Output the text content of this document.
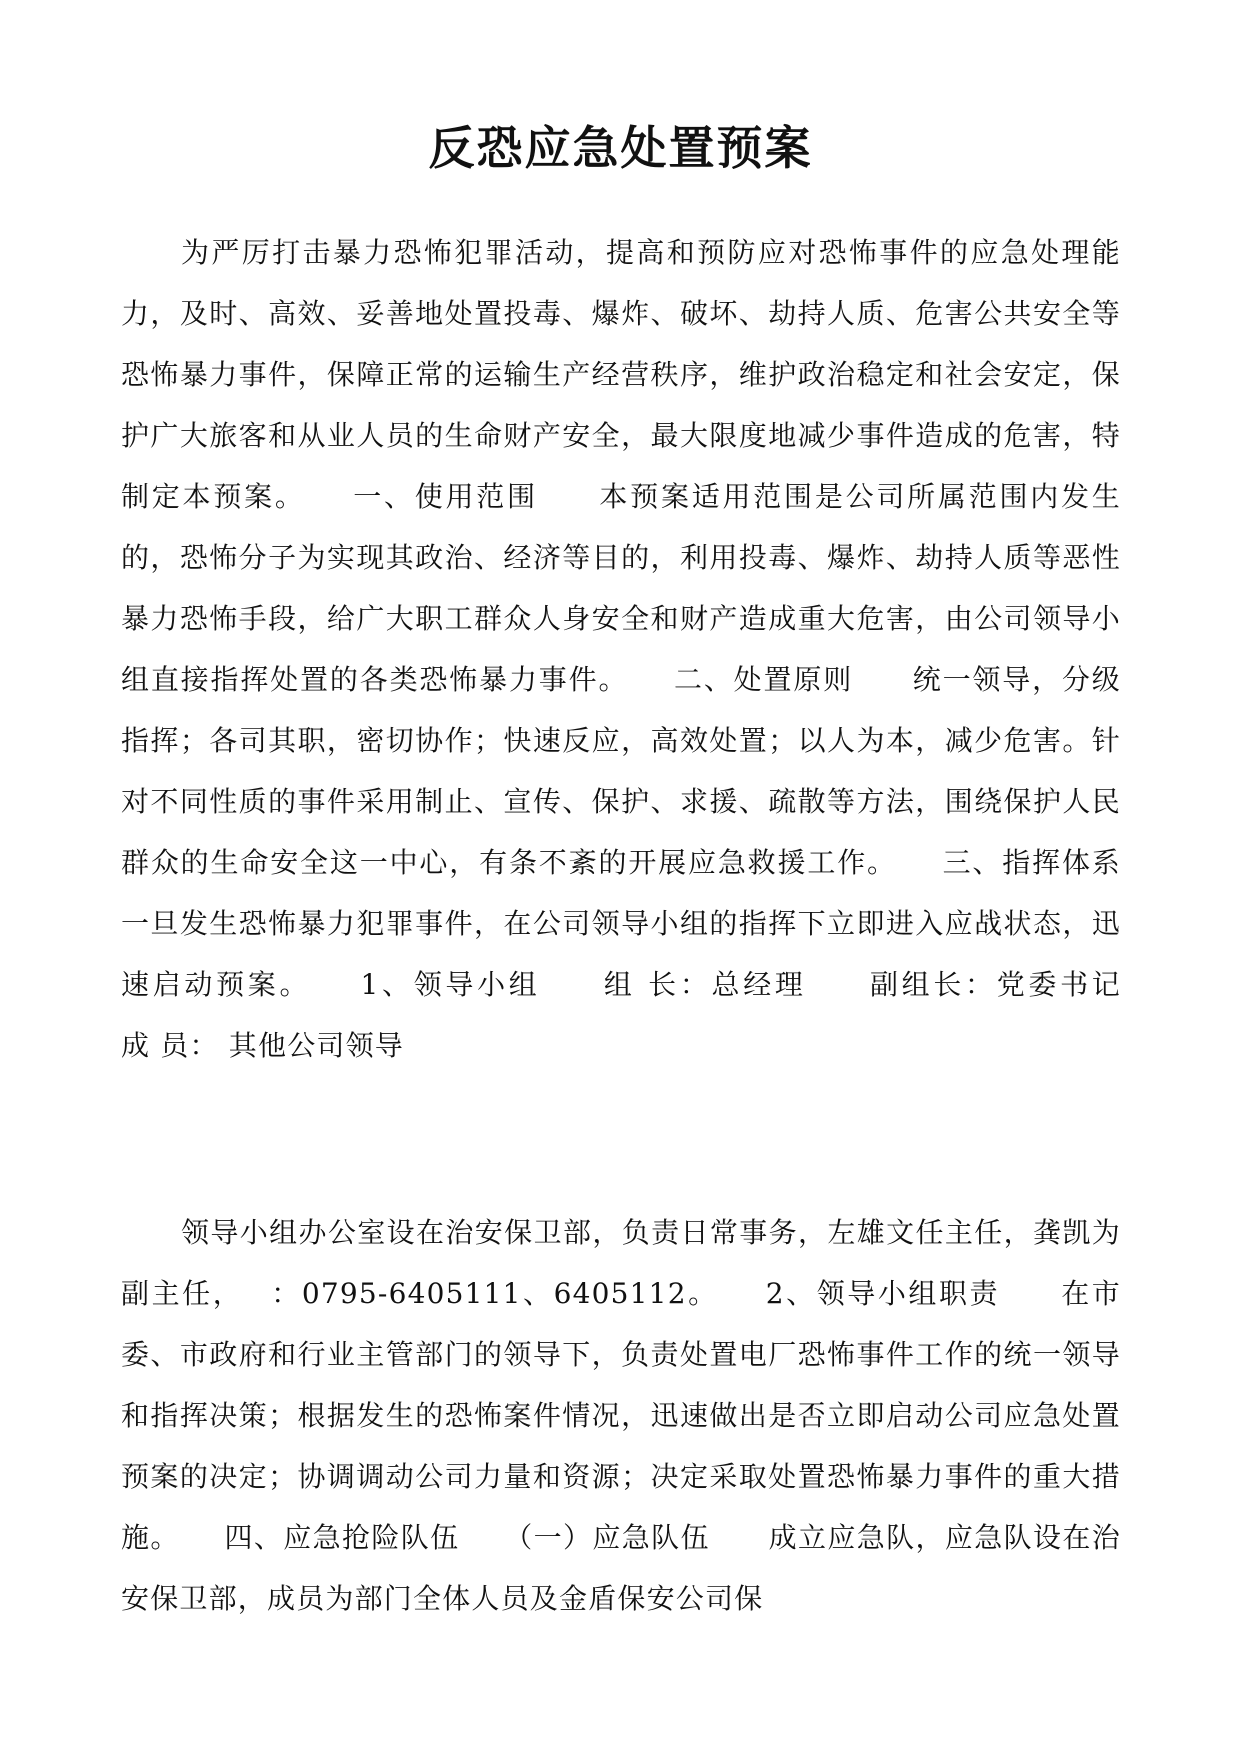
反恐应急处置预案

为严厉打击暴力恐怖犯罪活动，提高和预防应对恐怖事件的应急处理能力，及时、高效、妥善地处置投毒、爆炸、破坏、劫持人质、危害公共安全等恐怖暴力事件，保障正常的运输生产经营秩序，维护政治稳定和社会安定，保护广大旅客和从业人员的生命财产安全，最大限度地减少事件造成的危害，特制定本预案。　　一、使用范围　　本预案适用范围是公司所属范围内发生的，恐怖分子为实现其政治、经济等目的，利用投毒、爆炸、劫持人质等恶性暴力恐怖手段，给广大职工群众人身安全和财产造成重大危害，由公司领导小组直接指挥处置的各类恐怖暴力事件。　　二、处置原则　　统一领导，分级指挥；各司其职，密切协作；快速反应，高效处置；以人为本，减少危害。针对不同性质的事件采用制止、宣传、保护、求援、疏散等方法，围绕保护人民群众的生命安全这一中心，有条不紊的开展应急救援工作。　　三、指挥体系　　一旦发生恐怖暴力犯罪事件，在公司领导小组的指挥下立即进入应战状态，迅速启动预案。　　1、领导小组　　组 长：总经理　　副组长：党委书记　　成 员： 其他公司领导

领导小组办公室设在治安保卫部，负责日常事务，左雄文任主任，龚凯为副主任，　 ：0795-6405111、6405112。　　2、领导小组职责　　在市委、市政府和行业主管部门的领导下，负责处置电厂恐怖事件工作的统一领导和指挥决策；根据发生的恐怖案件情况，迅速做出是否立即启动公司应急处置预案的决定；协调调动公司力量和资源；决定采取处置恐怖暴力事件的重大措施。　　四、应急抢险队伍　　（一）应急队伍　　成立应急队，应急队设在治安保卫部，成员为部门全体人员及金盾保安公司保
